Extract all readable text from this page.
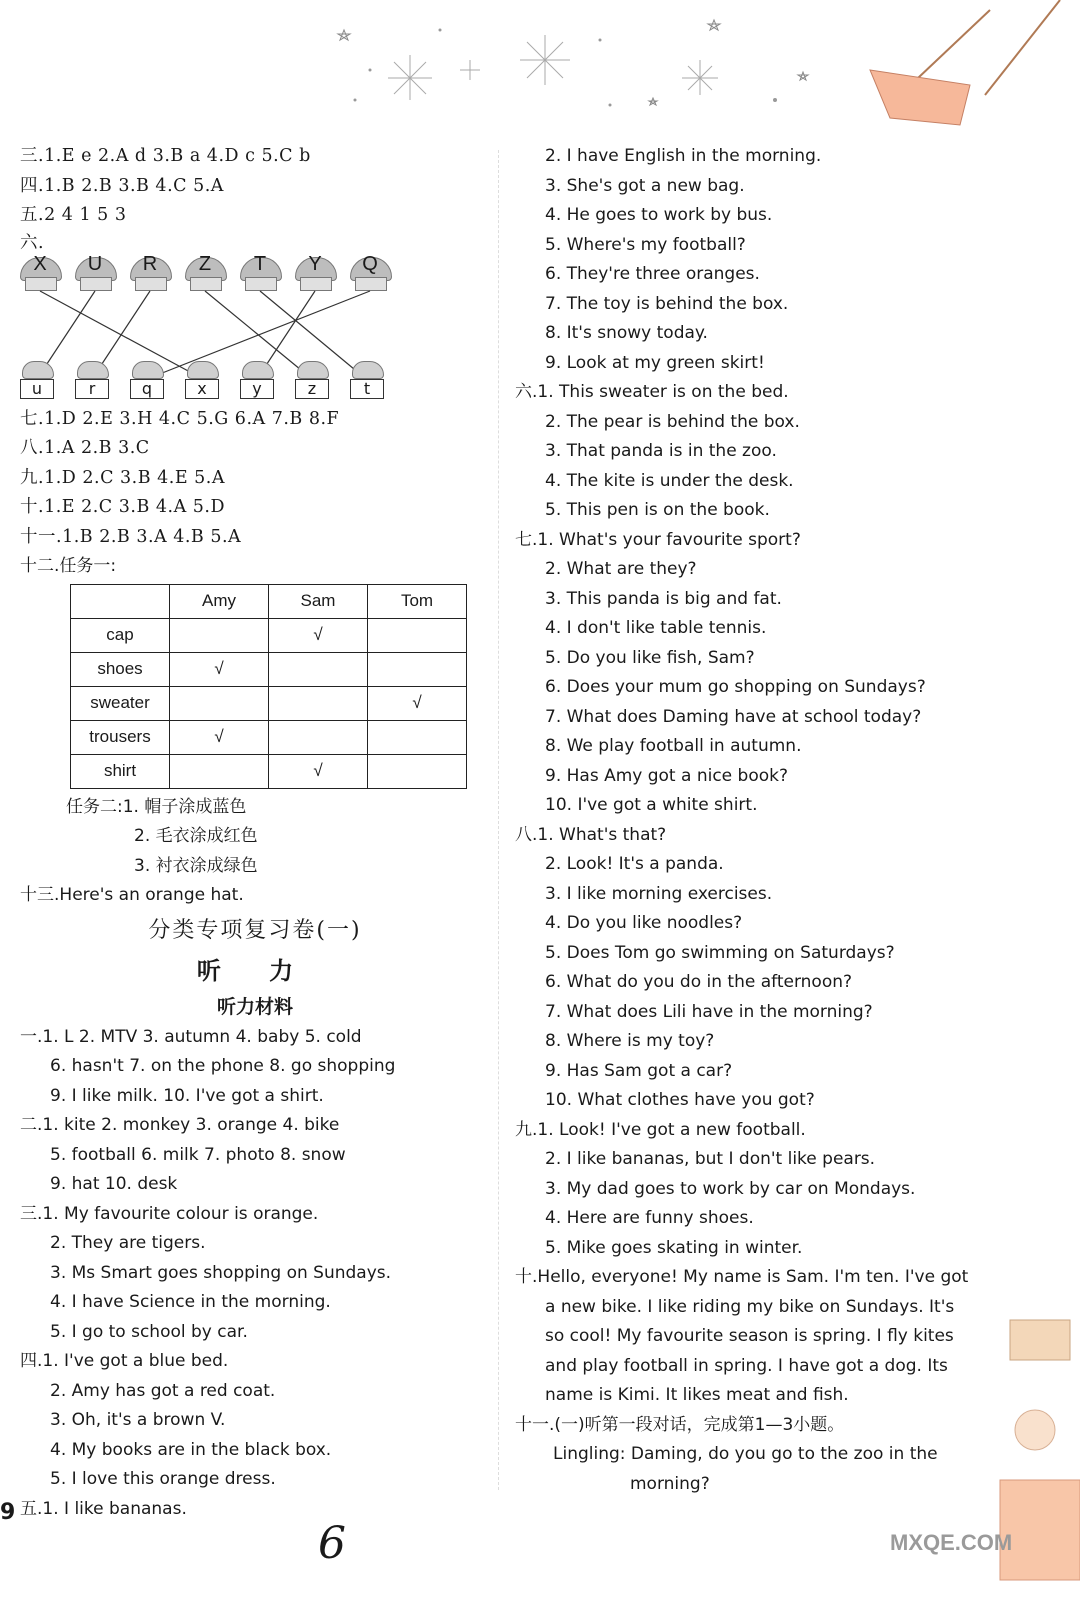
三.1.E e 2.A d 3.B a 4.D c 5.C b
四.1.B 2.B 3.B 4.C 5.A
五.2 4 1 5 3
六.
X	U	R	Z	T	Y	Q
u	r	q	x	y	z	t
七.1.D 2.E 3.H 4.C 5.G 6.A 7.B 8.F
八.1.A 2.B 3.C
九.1.D 2.C 3.B 4.E 5.A
十.1.E 2.C 3.B 4.A 5.D
十一.1.B 2.B 3.A 4.B 5.A
十二.任务一:
	Amy	Sam	Tom
cap		√	
shoes	√		
sweater			√
trousers	√		
shirt		√	
任务二:1. 帽子涂成蓝色
2. 毛衣涂成红色
3. 衬衣涂成绿色
十三.Here's an orange hat.
分类专项复习卷(一)
听 力
听力材料
一.1. L 2. MTV 3. autumn 4. baby 5. cold
6. hasn't 7. on the phone 8. go shopping
9. I like milk. 10. I've got a shirt.
二.1. kite 2. monkey 3. orange 4. bike
5. football 6. milk 7. photo 8. snow
9. hat 10. desk
三.1. My favourite colour is orange.
2. They are tigers.
3. Ms Smart goes shopping on Sundays.
4. I have Science in the morning.
5. I go to school by car.
四.1. I've got a blue bed.
2. Amy has got a red coat.
3. Oh, it's a brown V.
4. My books are in the black box.
5. I love this orange dress.
五.1. I like bananas.
2. I have English in the morning.
3. She's got a new bag.
4. He goes to work by bus.
5. Where's my football?
6. They're three oranges.
7. The toy is behind the box.
8. It's snowy today.
9. Look at my green skirt!
六.1. This sweater is on the bed.
2. The pear is behind the box.
3. That panda is in the zoo.
4. The kite is under the desk.
5. This pen is on the book.
七.1. What's your favourite sport?
2. What are they?
3. This panda is big and fat.
4. I don't like table tennis.
5. Do you like fish, Sam?
6. Does your mum go shopping on Sundays?
7. What does Daming have at school today?
8. We play football in autumn.
9. Has Amy got a nice book?
10. I've got a white shirt.
八.1. What's that?
2. Look! It's a panda.
3. I like morning exercises.
4. Do you like noodles?
5. Does Tom go swimming on Saturdays?
6. What do you do in the afternoon?
7. What does Lili have in the morning?
8. Where is my toy?
9. Has Sam got a car?
10. What clothes have you got?
九.1. Look! I've got a new football.
2. I like bananas, but I don't like pears.
3. My dad goes to work by car on Mondays.
4. Here are funny shoes.
5. Mike goes skating in winter.
十.Hello, everyone! My name is Sam. I'm ten. I've got
a new bike. I like riding my bike on Sundays. It's
so cool! My favourite season is spring. I fly kites
and play football in spring. I have got a dog. Its
name is Kimi. It likes meat and fish.
十一.(一)听第一段对话，完成第1—3小题。
Lingling: Daming, do you go to the zoo in the
morning?
9
6	MXQE.COM
